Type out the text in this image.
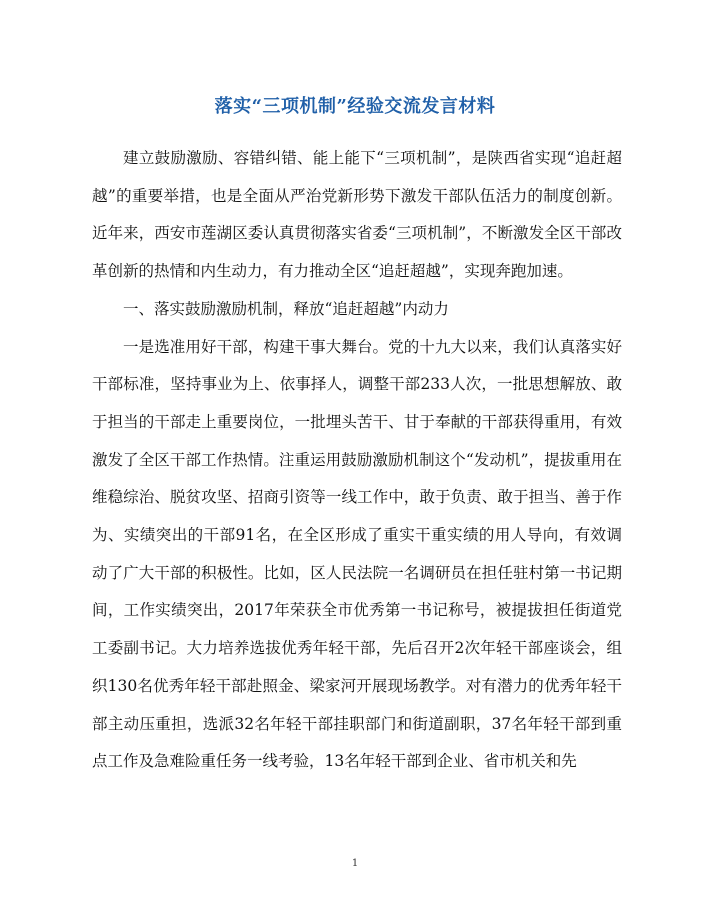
落实“三项机制”经验交流发言材料

建立鼓励激励、容错纠错、能上能下“三项机制”，是陕西省实现“追赶超越”的重要举措，也是全面从严治党新形势下激发干部队伍活力的制度创新。近年来，西安市莲湖区委认真贯彻落实省委“三项机制”，不断激发全区干部改革创新的热情和内生动力，有力推动全区“追赶超越”，实现奔跑加速。

一、落实鼓励激励机制，释放“追赶超越”内动力

一是选准用好干部，构建干事大舞台。党的十九大以来，我们认真落实好干部标准，坚持事业为上、依事择人，调整干部233人次，一批思想解放、敢于担当的干部走上重要岗位，一批埋头苦干、甘于奉献的干部获得重用，有效激发了全区干部工作热情。注重运用鼓励激励机制这个“发动机”，提拔重用在维稳综治、脱贫攻坚、招商引资等一线工作中，敢于负责、敢于担当、善于作为、实绩突出的干部91名，在全区形成了重实干重实绩的用人导向，有效调动了广大干部的积极性。比如，区人民法院一名调研员在担任驻村第一书记期间，工作实绩突出，2017年荣获全市优秀第一书记称号，被提拔担任街道党工委副书记。大力培养选拔优秀年轻干部，先后召开2次年轻干部座谈会，组织130名优秀年轻干部赴照金、梁家河开展现场教学。对有潜力的优秀年轻干部主动压重担，选派32名年轻干部挂职部门和街道副职，37名年轻干部到重点工作及急难险重任务一线考验，13名年轻干部到企业、省市机关和先

1
